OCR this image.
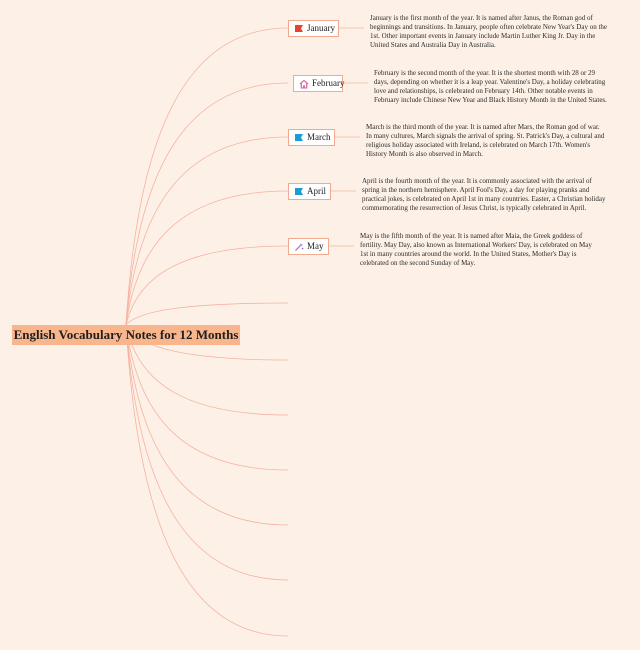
English Vocabulary Notes for 12 Months
January
January is the first month of the year. It is named after Janus, the Roman god of beginnings and transitions. In January, people often celebrate New Year's Day on the 1st. Other important events in January include Martin Luther King Jr. Day in the United States and Australia Day in Australia.
February
February is the second month of the year. It is the shortest month with 28 or 29 days, depending on whether it is a leap year. Valentine's Day, a holiday celebrating love and relationships, is celebrated on February 14th. Other notable events in February include Chinese New Year and Black History Month in the United States.
March
March is the third month of the year. It is named after Mars, the Roman god of war. In many cultures, March signals the arrival of spring. St. Patrick's Day, a cultural and religious holiday associated with Ireland, is celebrated on March 17th. Women's History Month is also observed in March.
April
April is the fourth month of the year. It is commonly associated with the arrival of spring in the northern hemisphere. April Fool's Day, a day for playing pranks and practical jokes, is celebrated on April 1st in many countries. Easter, a Christian holiday commemorating the resurrection of Jesus Christ, is typically celebrated in April.
May
May is the fifth month of the year. It is named after Maia, the Greek goddess of fertility. May Day, also known as International Workers' Day, is celebrated on May 1st in many countries around the world. In the United States, Mother's Day is celebrated on the second Sunday of May.
